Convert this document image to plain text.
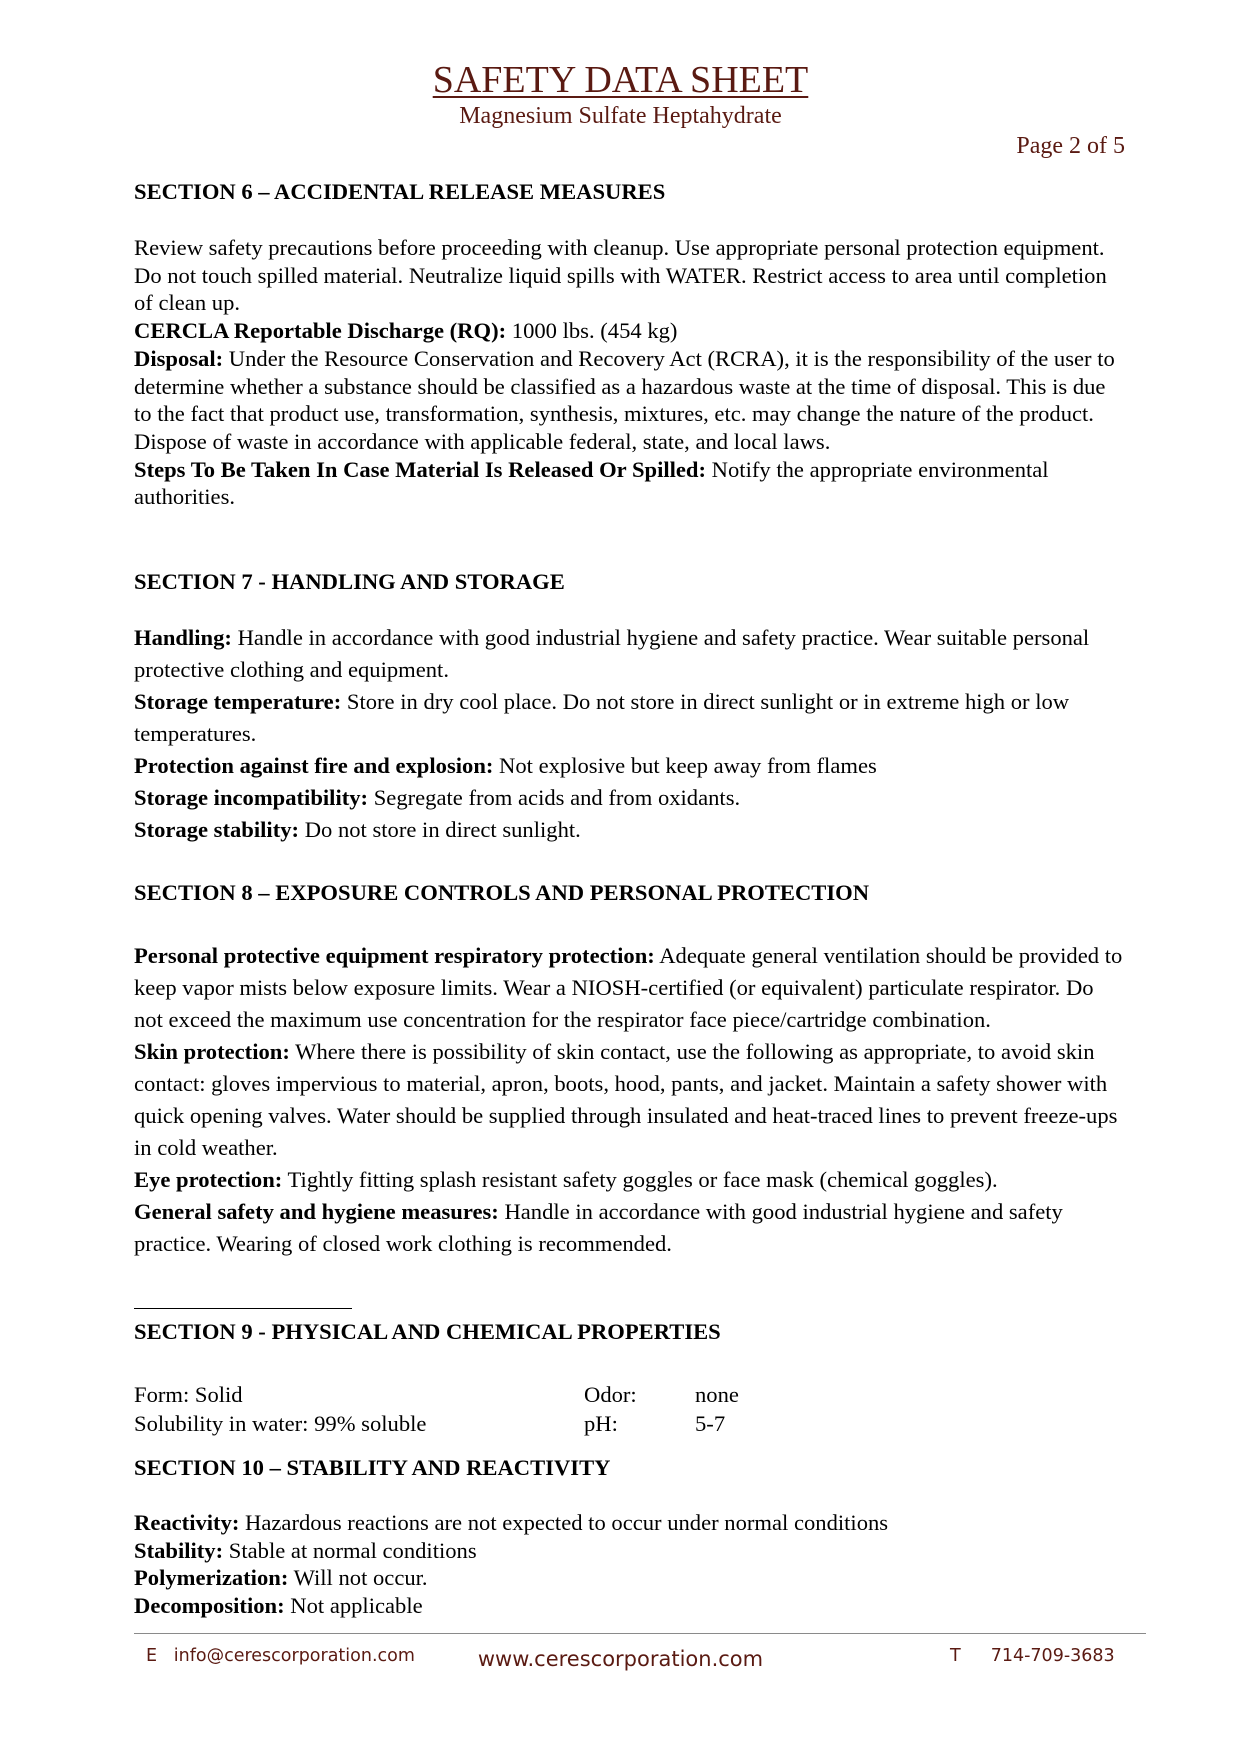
SAFETY DATA SHEET
Magnesium Sulfate Heptahydrate
Page 2 of 5
SECTION 6 – ACCIDENTAL RELEASE MEASURES
Review safety precautions before proceeding with cleanup. Use appropriate personal protection equipment. Do not touch spilled material. Neutralize liquid spills with WATER. Restrict access to area until completion of clean up.
CERCLA Reportable Discharge (RQ): 1000 lbs. (454 kg)
Disposal: Under the Resource Conservation and Recovery Act (RCRA), it is the responsibility of the user to determine whether a substance should be classified as a hazardous waste at the time of disposal. This is due to the fact that product use, transformation, synthesis, mixtures, etc. may change the nature of the product. Dispose of waste in accordance with applicable federal, state, and local laws.
Steps To Be Taken In Case Material Is Released Or Spilled: Notify the appropriate environmental authorities.
SECTION 7 - HANDLING AND STORAGE
Handling: Handle in accordance with good industrial hygiene and safety practice. Wear suitable personal protective clothing and equipment.
Storage temperature: Store in dry cool place. Do not store in direct sunlight or in extreme high or low temperatures.
Protection against fire and explosion: Not explosive but keep away from flames
Storage incompatibility: Segregate from acids and from oxidants.
Storage stability: Do not store in direct sunlight.
SECTION 8 – EXPOSURE CONTROLS AND PERSONAL PROTECTION
Personal protective equipment respiratory protection: Adequate general ventilation should be provided to keep vapor mists below exposure limits. Wear a NIOSH-certified (or equivalent) particulate respirator. Do not exceed the maximum use concentration for the respirator face piece/cartridge combination.
Skin protection: Where there is possibility of skin contact, use the following as appropriate, to avoid skin contact: gloves impervious to material, apron, boots, hood, pants, and jacket. Maintain a safety shower with quick opening valves. Water should be supplied through insulated and heat-traced lines to prevent freeze-ups in cold weather.
Eye protection: Tightly fitting splash resistant safety goggles or face mask (chemical goggles).
General safety and hygiene measures: Handle in accordance with good industrial hygiene and safety practice. Wearing of closed work clothing is recommended.
SECTION 9 - PHYSICAL AND CHEMICAL PROPERTIES
Form: Solid	Odor:	none
Solubility in water: 99% soluble	pH:	5-7
SECTION 10 – STABILITY AND REACTIVITY
Reactivity: Hazardous reactions are not expected to occur under normal conditions
Stability: Stable at normal conditions
Polymerization: Will not occur.
Decomposition: Not applicable
E info@cerescorporation.com	www.cerescorporation.com	T 714-709-3683
